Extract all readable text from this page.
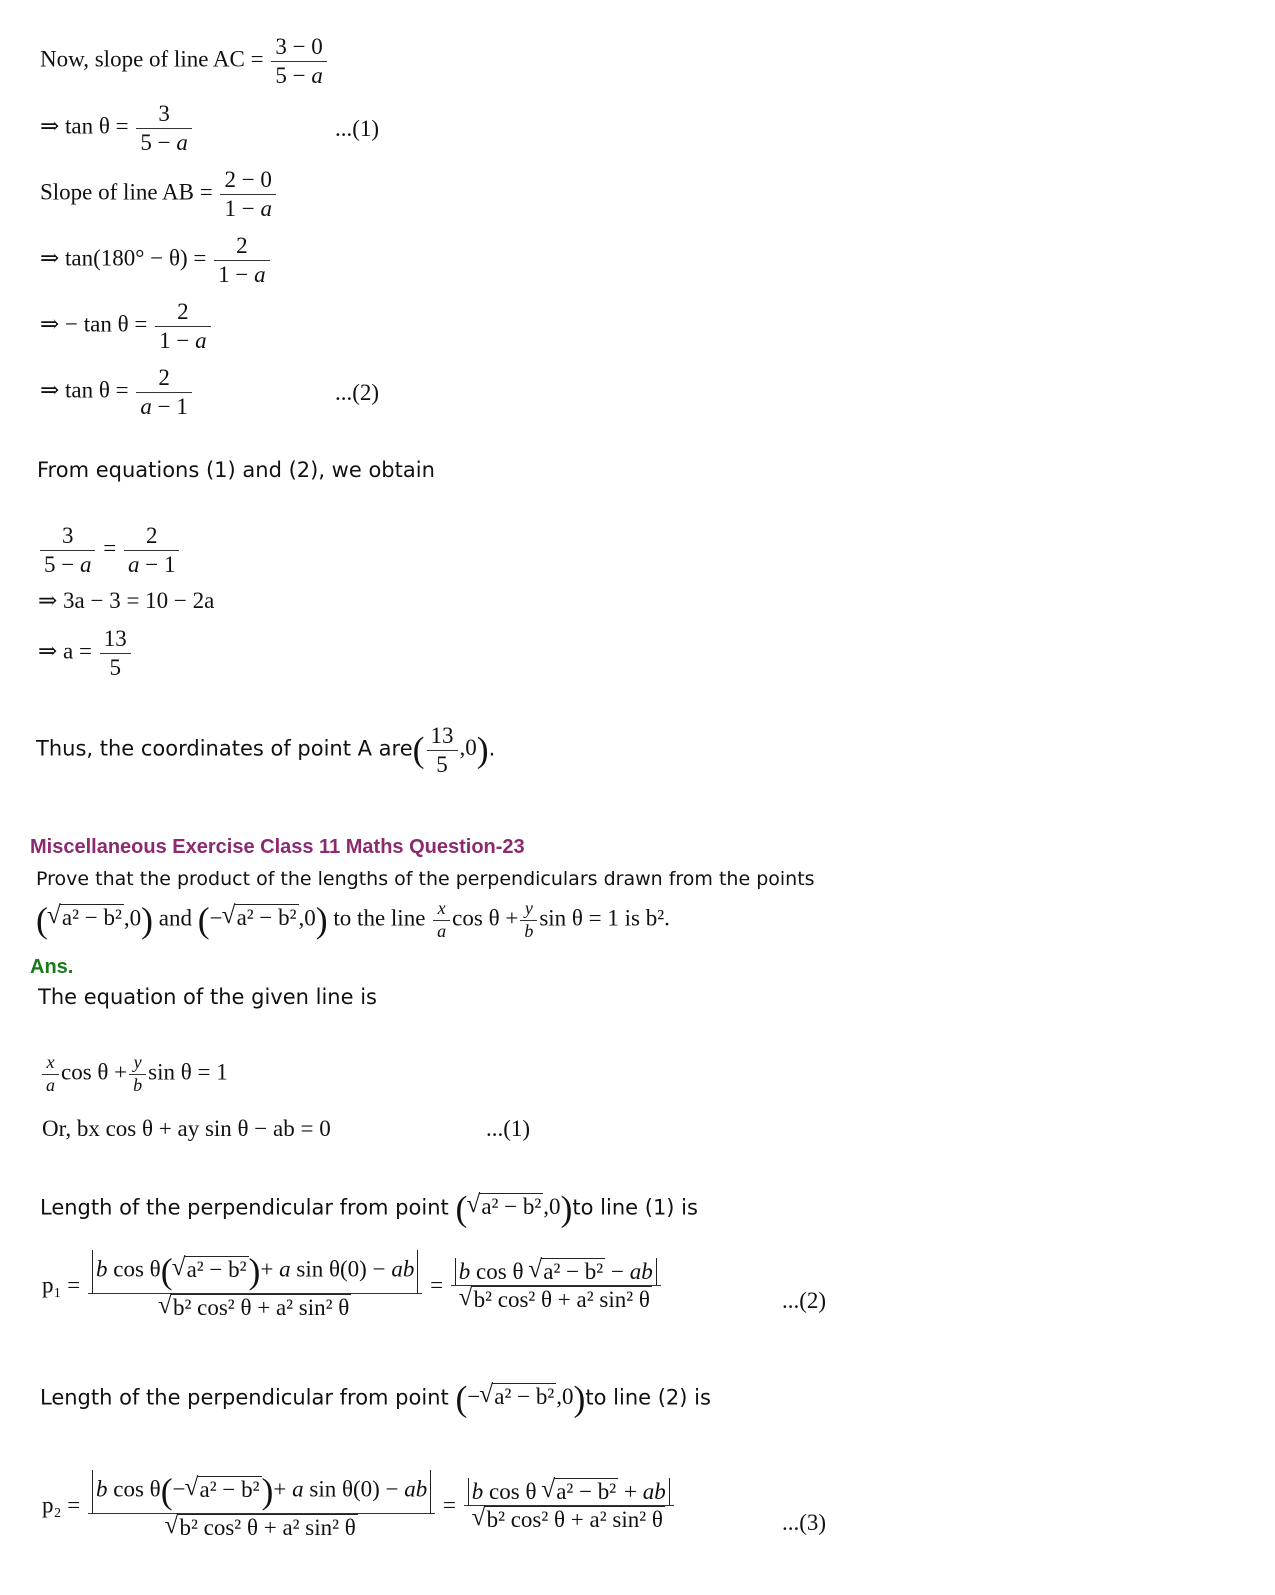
Now, slope of line AC = $\frac{3 - 0}{5 - a}$
⇒ $\tan \theta = \frac{3}{5 - a}$	...(1)
Slope of line AB = $\frac{2 - 0}{1 - a}$
⇒ $\tan(180^\circ - \theta) = \frac{2}{1 - a}$
⇒ − $\tan \theta = \frac{2}{1 - a}$
⇒ $\tan \theta = \frac{2}{a - 1}$	...(2)
From equations (1) and (2), we obtain
$\frac{3}{5 - a} = \frac{2}{a - 1}$
⇒ 3a − 3 = 10 − 2a
⇒ $a = \frac{13}{5}$
Thus, the coordinates of point A $are( \frac{13}{5} ,0)$.
Miscellaneous Exercise Class 11 Maths Question-23
Prove that the product of the lengths of the perpendiculars drawn from the points
( √ a² − b²,0) and (− √ a² − b²,0) to the line $\frac{x}{a}$ $\cos \theta + \frac{y}{b}$ sin θ = 1 is b².
Ans.
The equation of the given line is
$\frac{x}{a}$ $\cos \theta + \frac{y}{b}$ sin θ = 1
Or, bx cos θ + ay sin θ − ab = 0	...(1)
Length of the perpendicular from point ( √ a² − b²,0)to line (1) is
p₁ = b cos θ( √ a² − b²)+ a sin θ(0) − ab
√ b² cos² θ + a² sin² θ = b cos θ √ a² − b² − ab
√ b² cos² θ + a² sin² θ	...(2)
Length of the perpendicular from point (− √ a² − b²,0)to line (2) is
p₂ = b cos θ(− √ a² − b²)+ a sin θ(0) − ab
√ b² cos² θ + a² sin² θ = b cos θ √ a² − b² + ab
√ b² cos² θ + a² sin² θ	...(3)
